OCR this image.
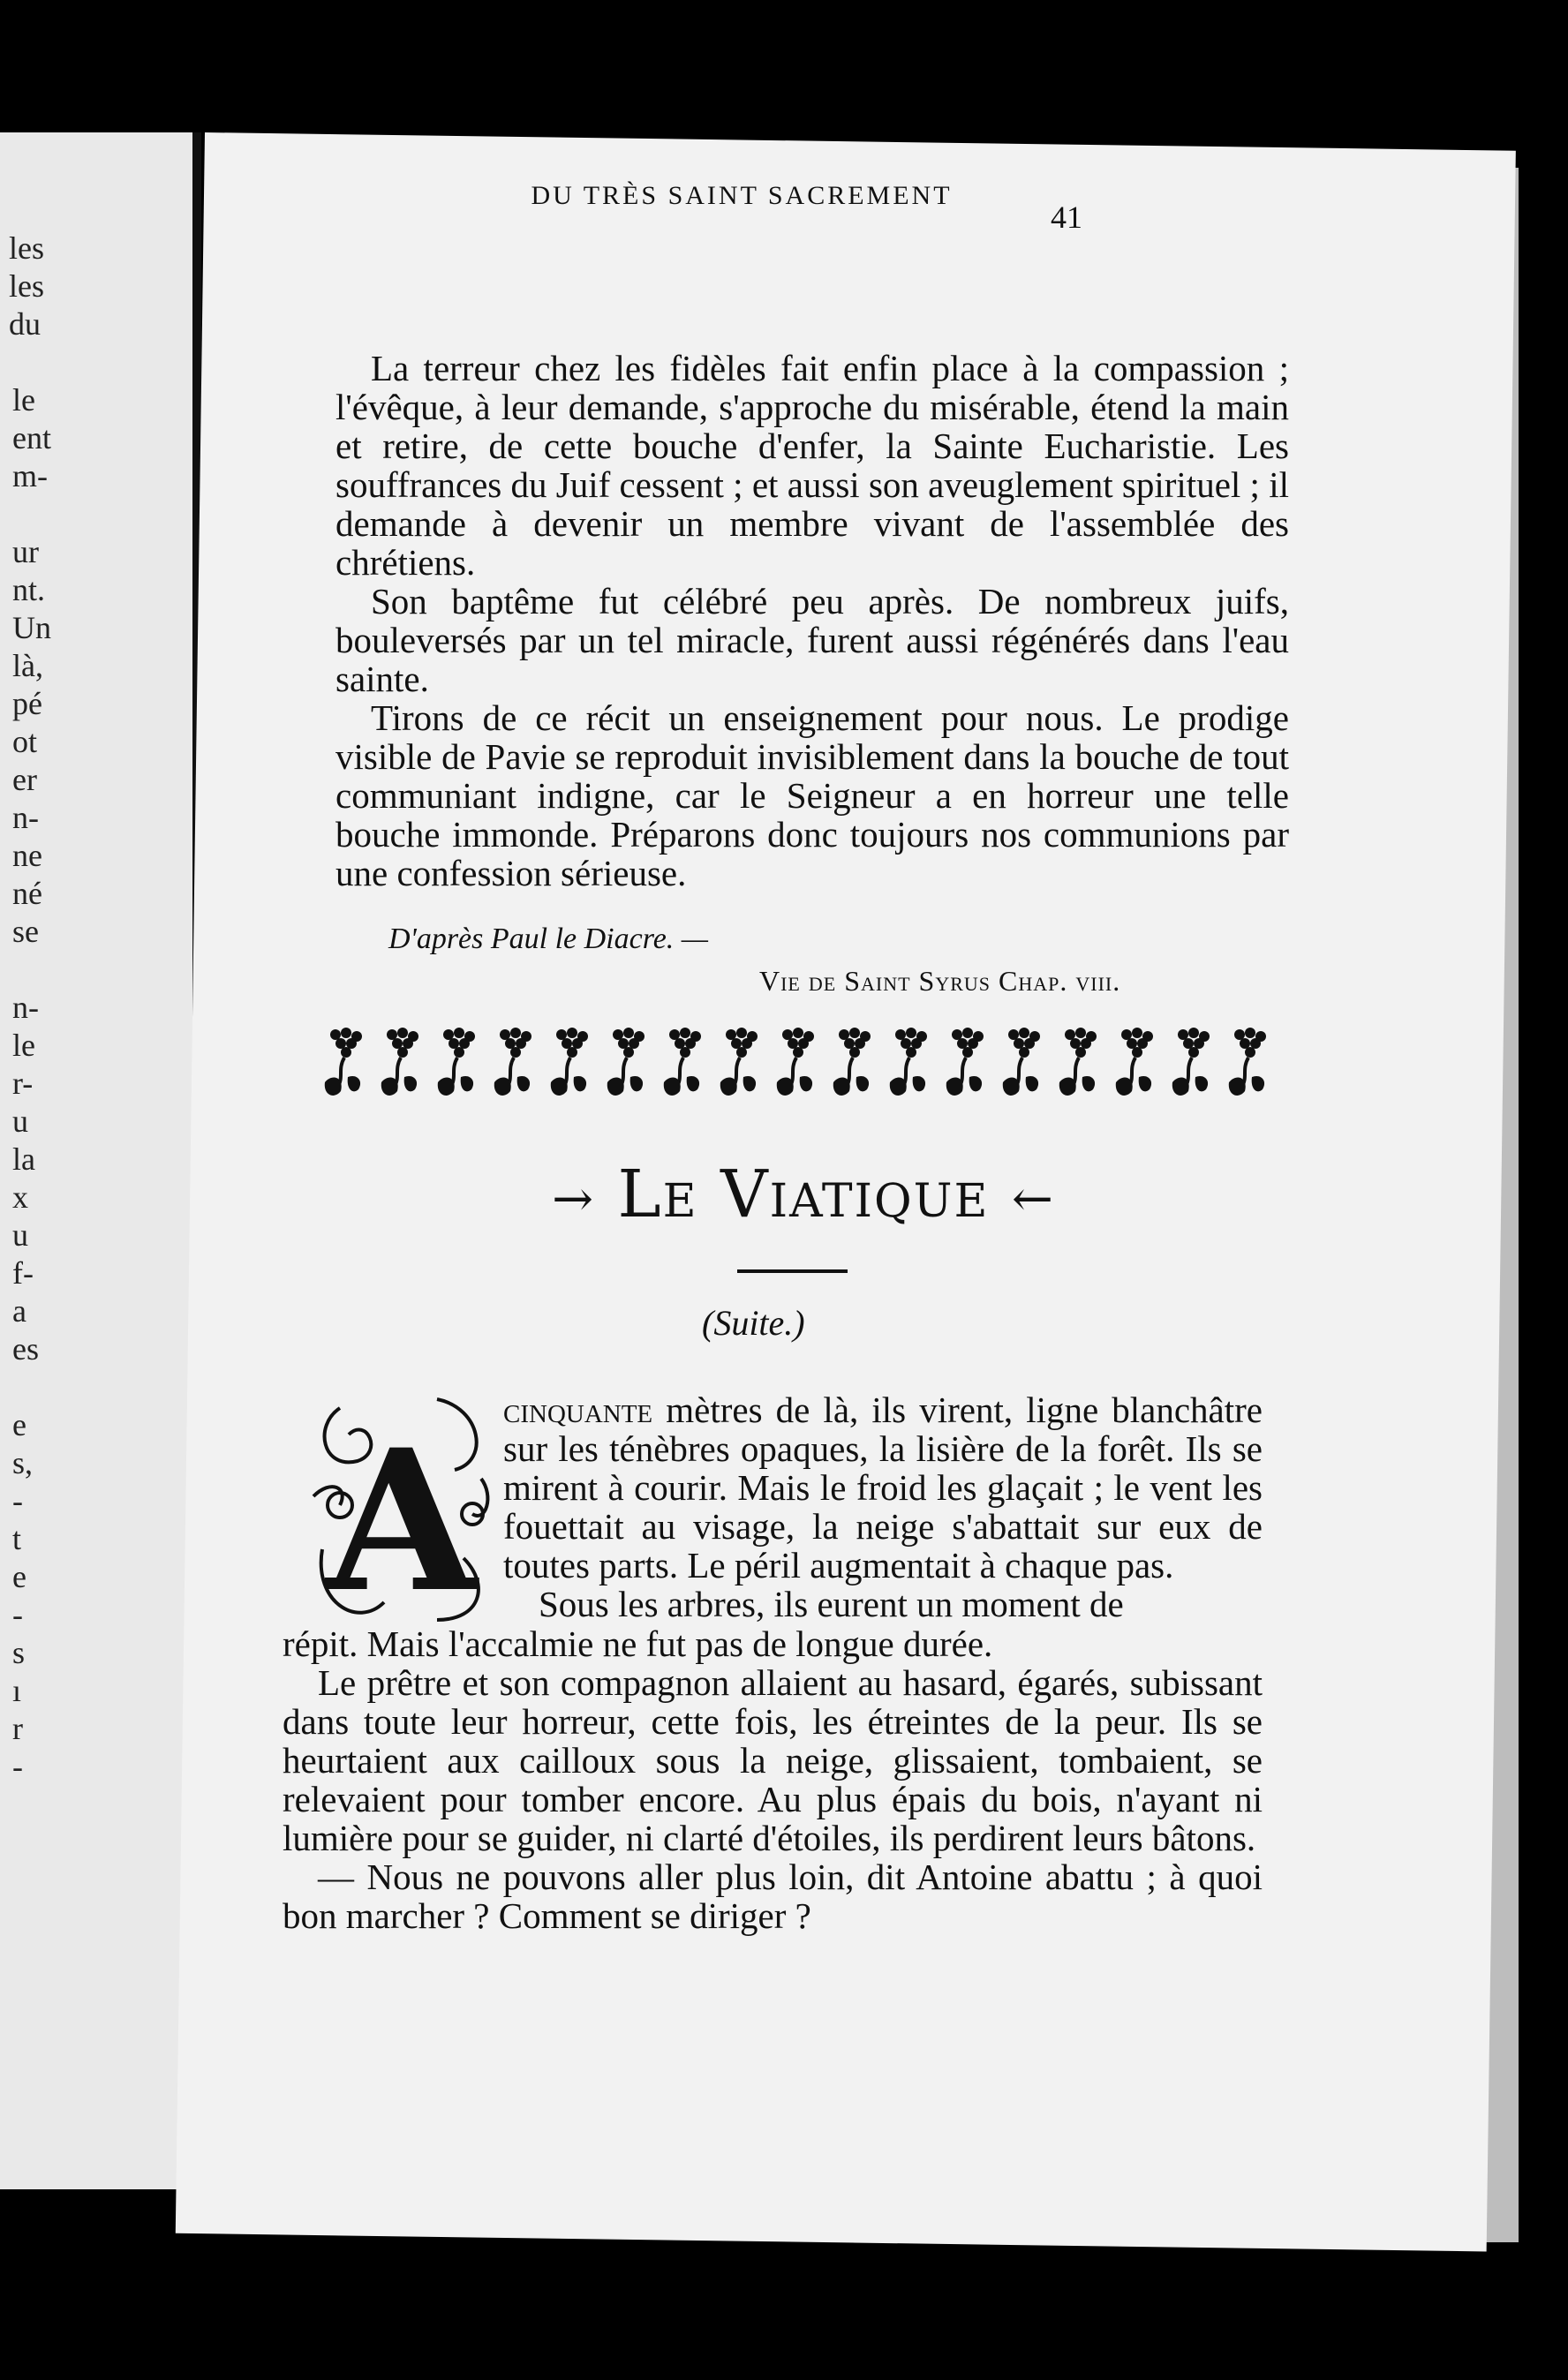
les
les
du
le
ent
m-
ur
nt.
Un
là,
pé
ot
er
n-
ne
né
se
n-
le
r-
u
la
x
u
f-
a
es
e
s,
-
t
e
-
s
ı
r
-
DU TRÈS SAINT SACREMENT
41

La terreur chez les fidèles fait enfin place à la compassion ; l'évêque, à leur demande, s'approche du misérable, étend la main et retire, de cette bouche d'enfer, la Sainte Eucharistie. Les souffrances du Juif cessent ; et aussi son aveuglement spirituel ; il demande à devenir un membre vivant de l'assemblée des chrétiens.

Son baptême fut célébré peu après. De nombreux juifs, bouleversés par un tel miracle, furent aussi régénérés dans l'eau sainte.

Tirons de ce récit un enseignement pour nous. Le prodige visible de Pavie se reproduit invisiblement dans la bouche de tout communiant indigne, car le Seigneur a en horreur une telle bouche immonde. Préparons donc toujours nos communions par une confession sérieuse.

D'après Paul le Diacre. —
Vie de Saint Syrus Chap. viii.
→ Le Viatique ←
(Suite.)
A cinquante mètres de là, ils virent, ligne blanchâtre sur les ténèbres opaques, la lisière de la forêt. Ils se mirent à courir. Mais le froid les glaçait ; le vent les fouettait au visage, la neige s'abattait sur eux de toutes parts. Le péril augmentait à chaque pas.

Sous les arbres, ils eurent un moment de

répit. Mais l'accalmie ne fut pas de longue durée.

Le prêtre et son compagnon allaient au hasard, égarés, subissant dans toute leur horreur, cette fois, les étreintes de la peur. Ils se heurtaient aux cailloux sous la neige, glissaient, tombaient, se relevaient pour tomber encore. Au plus épais du bois, n'ayant ni lumière pour se guider, ni clarté d'étoiles, ils perdirent leurs bâtons.

— Nous ne pouvons aller plus loin, dit Antoine abattu ; à quoi bon marcher ? Comment se diriger ?
